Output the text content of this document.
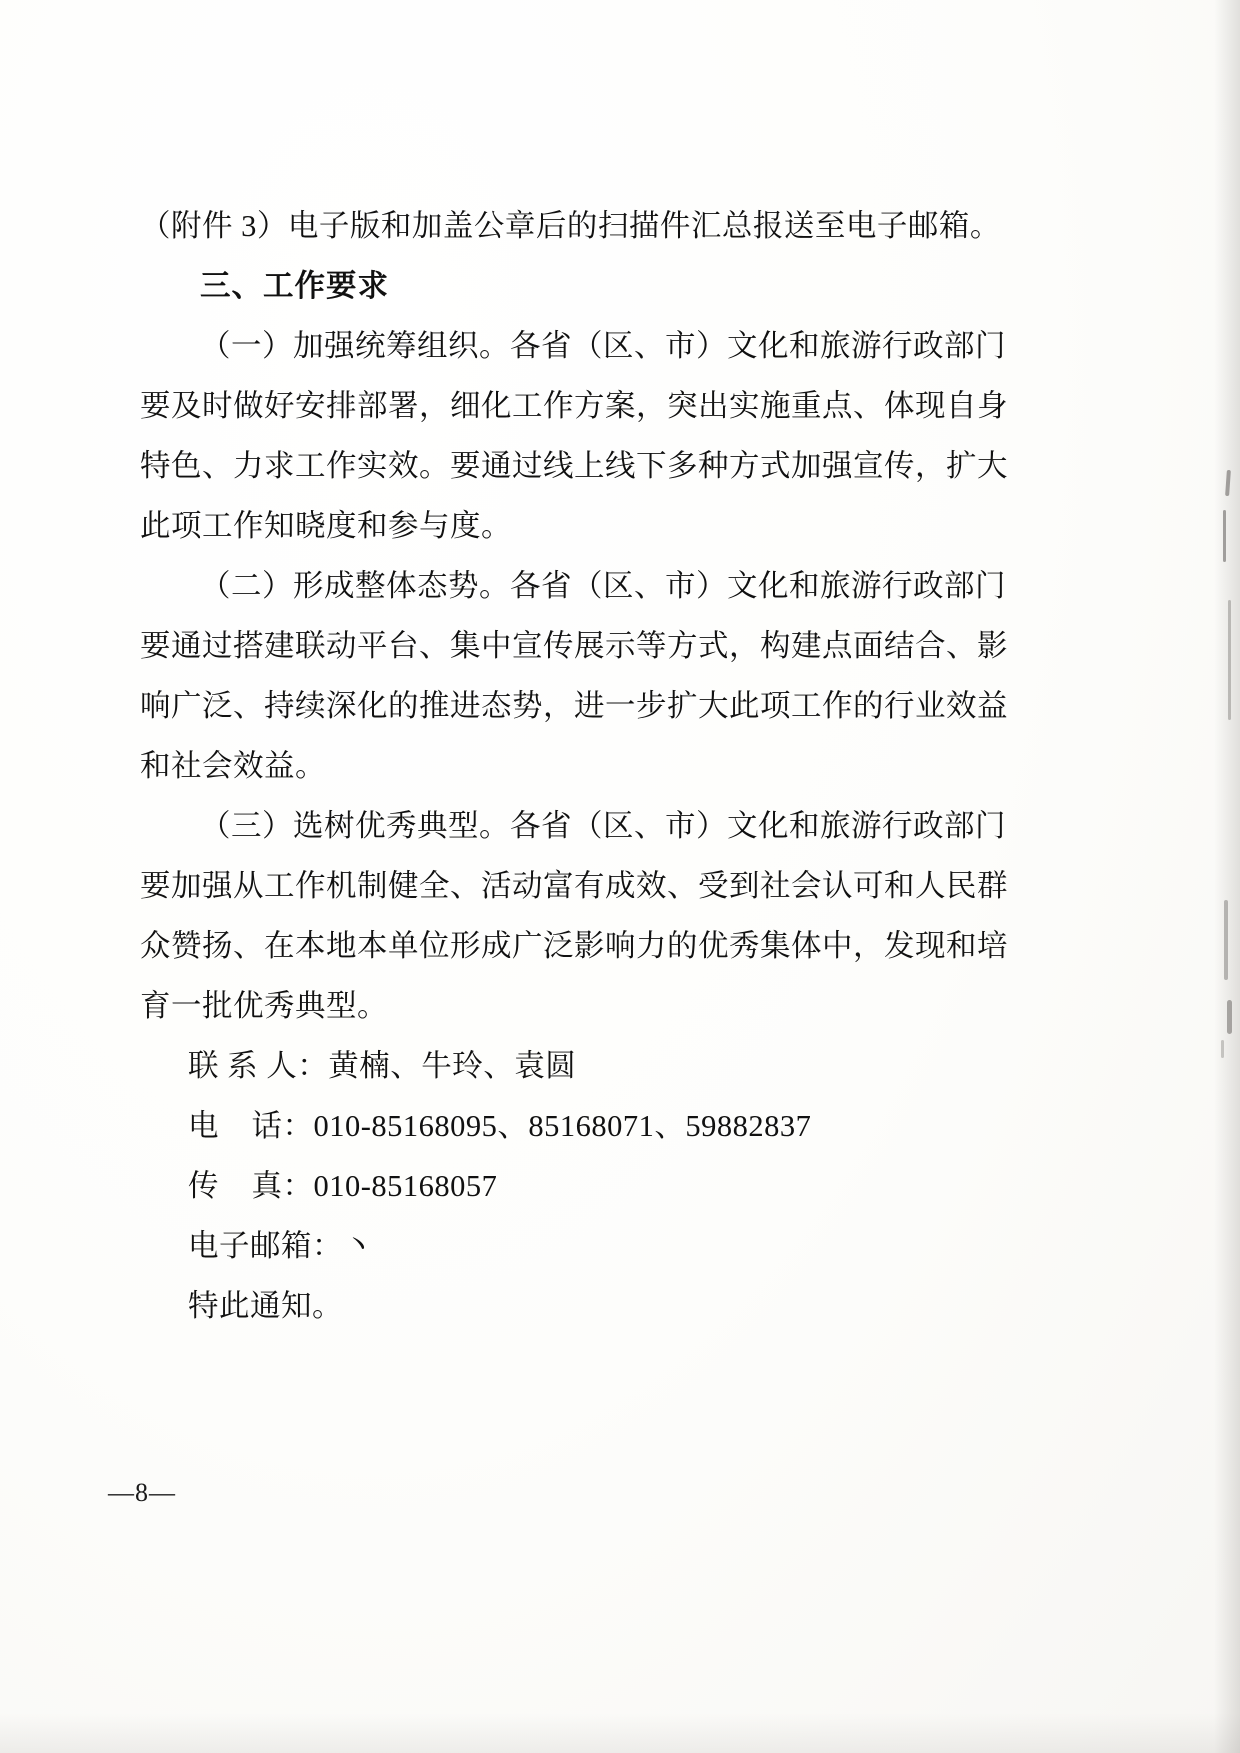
（附件 3）电子版和加盖公章后的扫描件汇总报送至电子邮箱。
三、工作要求
（一）加强统筹组织。各省（区、市）文化和旅游行政部门
要及时做好安排部署，细化工作方案，突出实施重点、体现自身
特色、力求工作实效。要通过线上线下多种方式加强宣传，扩大
此项工作知晓度和参与度。
（二）形成整体态势。各省（区、市）文化和旅游行政部门
要通过搭建联动平台、集中宣传展示等方式，构建点面结合、影
响广泛、持续深化的推进态势，进一步扩大此项工作的行业效益
和社会效益。
（三）选树优秀典型。各省（区、市）文化和旅游行政部门
要加强从工作机制健全、活动富有成效、受到社会认可和人民群
众赞扬、在本地本单位形成广泛影响力的优秀集体中，发现和培
育一批优秀典型。
联 系 人：黄楠、牛玲、袁圆
电    话：010-85168095、85168071、59882837
传    真：010-85168057
电子邮箱：丶
特此通知。
—8—
